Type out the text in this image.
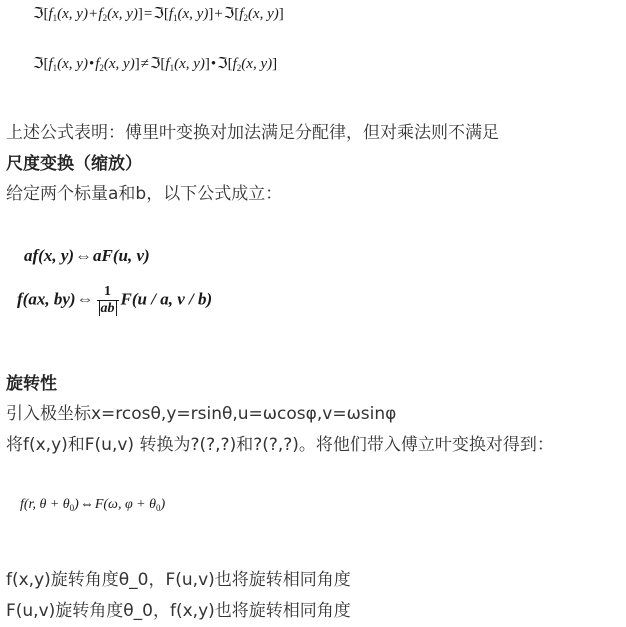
$ℑ[f_1(x$, $y)+f_2(x$, $y)]=ℑ[f_1(x$, $y)]+ℑ[f_2(x$, y)]
$ℑ[f_1(x$, $y)•f_2(x$, $y)]\ne ℑ[f_1(x$, $y)]•ℑ[f_2(x$, y)]
上述公式表明：傅里叶变换对加法满足分配律，但对乘法则不满足
尺度变换（缩放）
给定两个标量a和b，以下公式成立：
af(x, y)⇔aF(u, v)
f(ax, by)⇔ $\frac{1}{ab} F(u$ / a, v / b)
旋转性
引入极坐标x=rcosθ,y=rsinθ,u=ωcosφ,v=ωsinφ
将f(x,y)和F(u,v) 转换为?(?,?)和?(?,?)。将他们带入傅立叶变换对得到：
f(r, $\theta + \theta_0)\Leftrightarrow F(\omega$, $\varphi + \theta_0$)
f(x,y)旋转角度θ_0，F(u,v)也将旋转相同角度
F(u,v)旋转角度θ_0，f(x,y)也将旋转相同角度
